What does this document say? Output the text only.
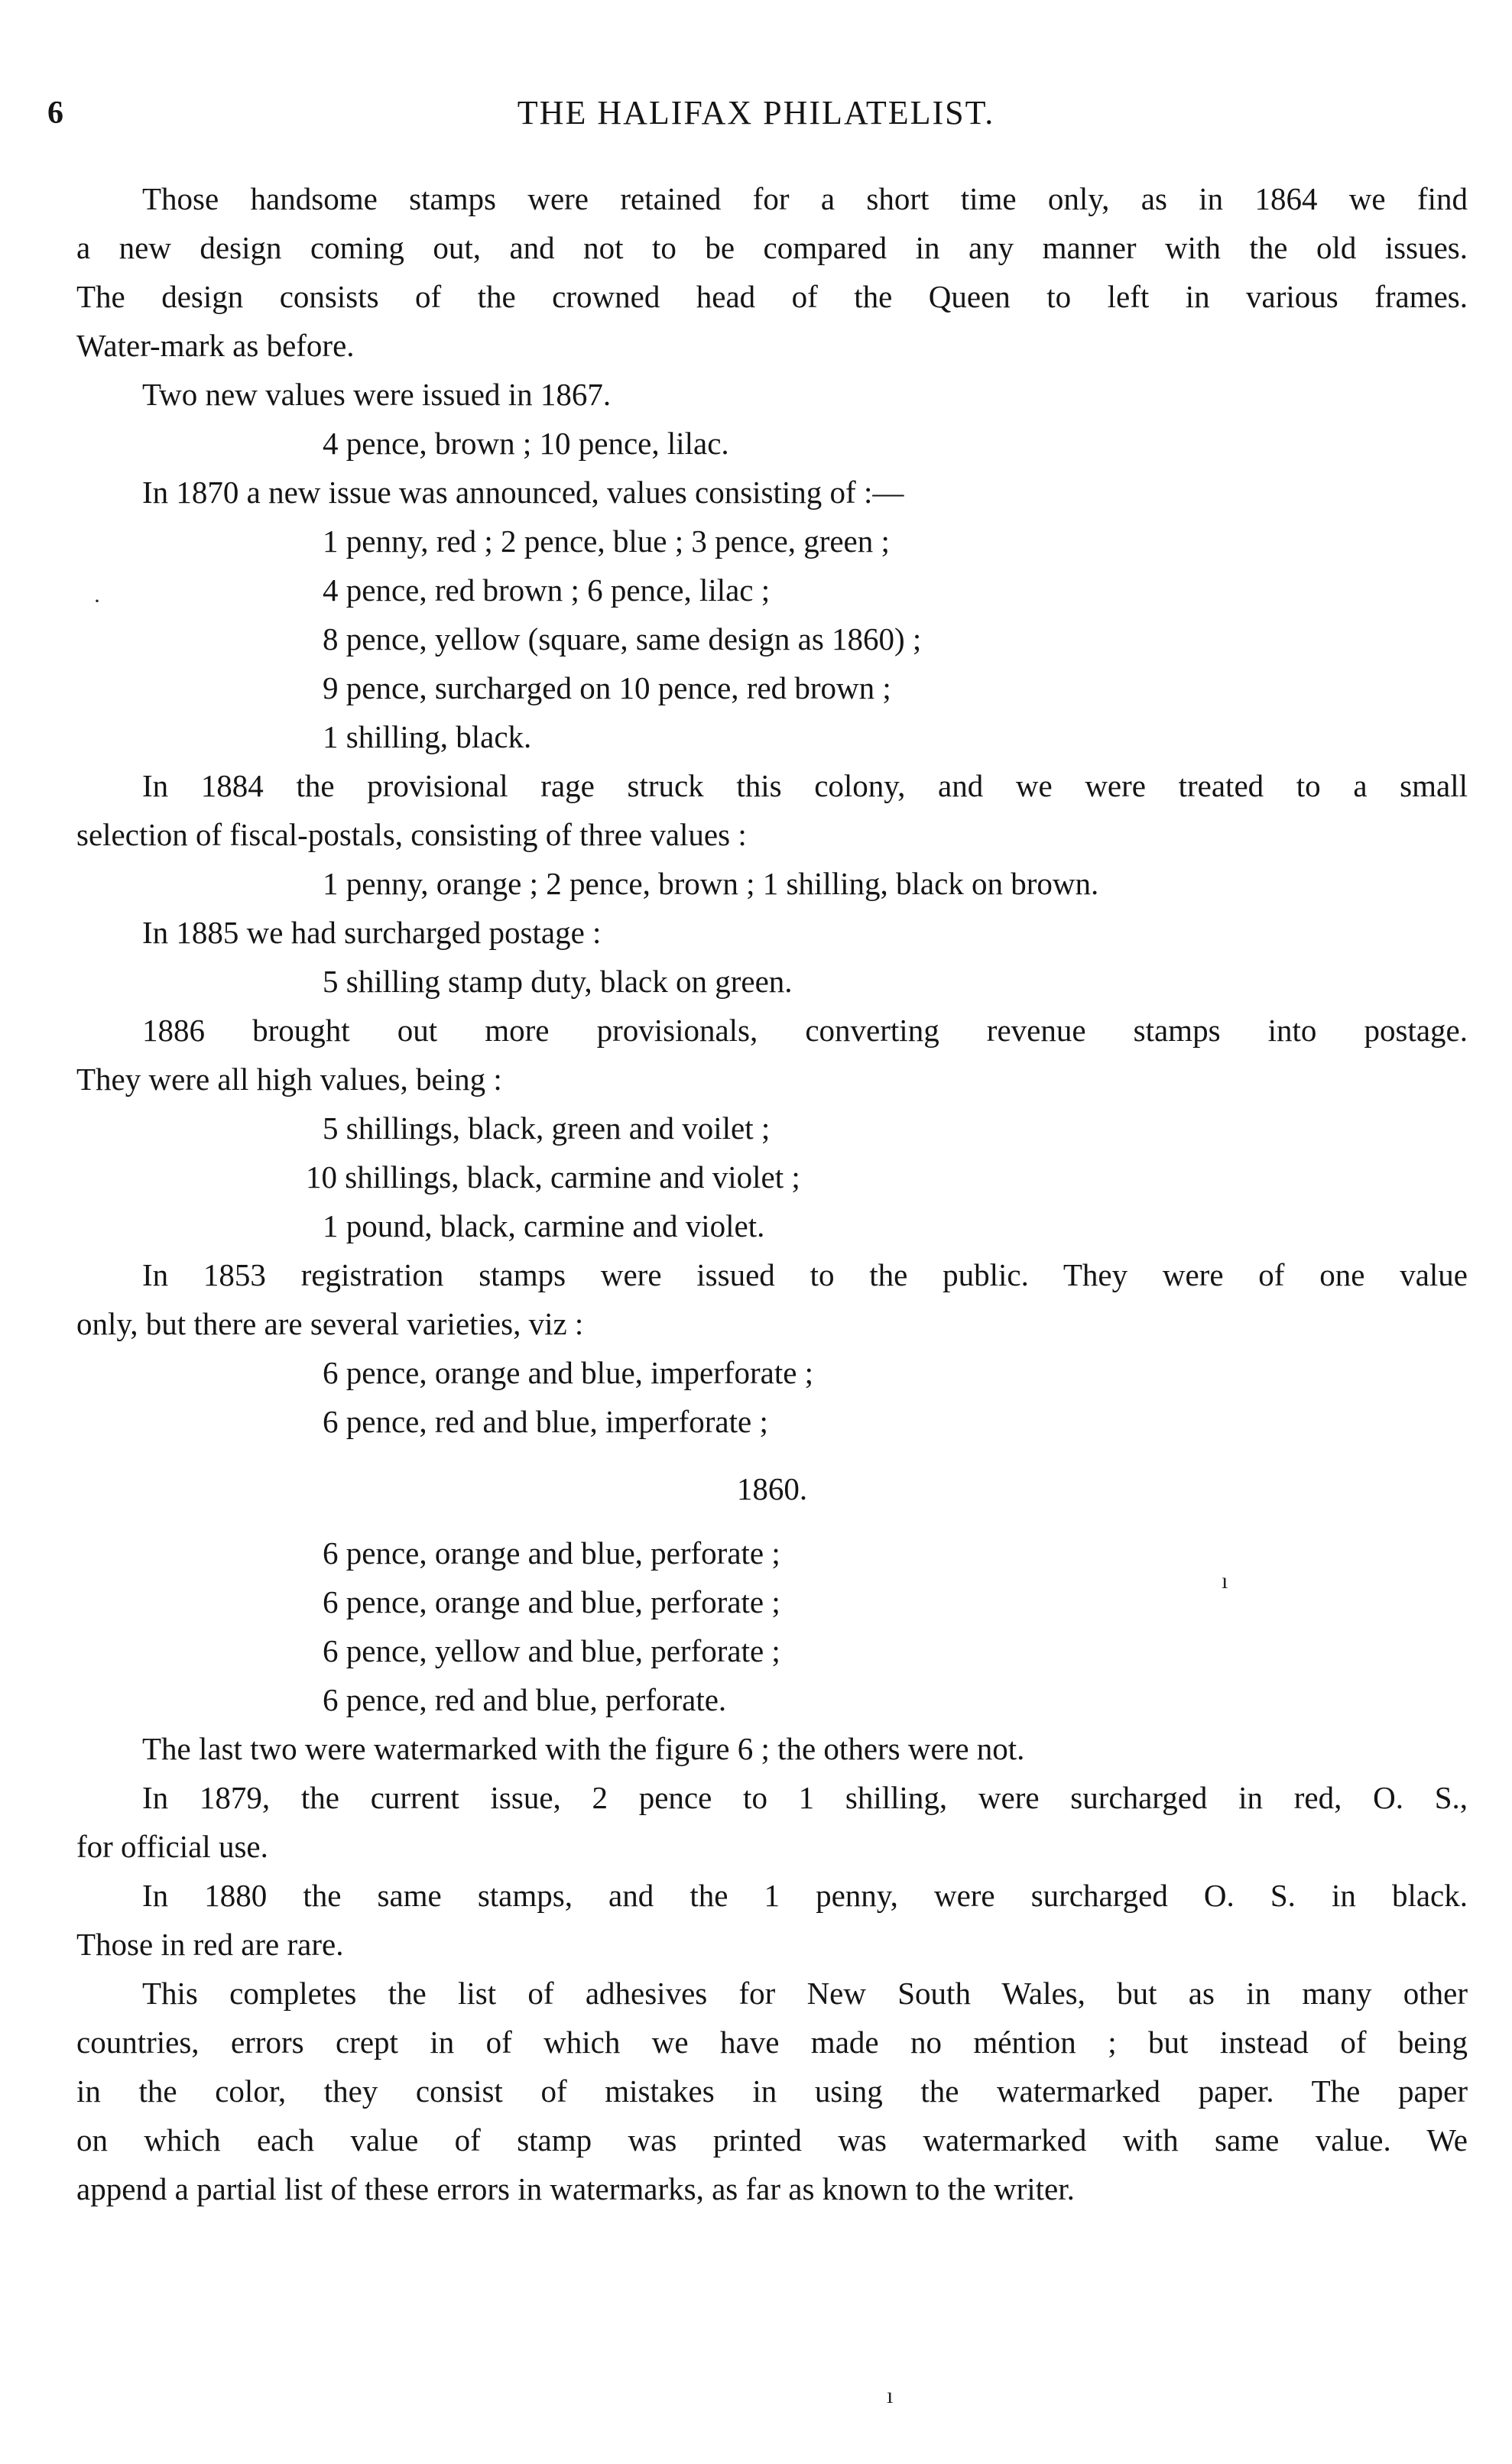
6	THE HALIFAX PHILATELIST.
Those handsome stamps were retained for a short time only, as in 1864 we find
a new design coming out, and not to be compared in any manner with the old issues.
The design consists of the crowned head of the Queen to left in various frames.
Water-mark as before.
Two new values were issued in 1867.
4 pence, brown ; 10 pence, lilac.
In 1870 a new issue was announced, values consisting of :—
1 penny, red ; 2 pence, blue ; 3 pence, green ;
4 pence, red brown ; 6 pence, lilac ;
8 pence, yellow (square, same design as 1860) ;
9 pence, surcharged on 10 pence, red brown ;
1 shilling, black.
In 1884 the provisional rage struck this colony, and we were treated to a small
selection of fiscal-postals, consisting of three values :
1 penny, orange ; 2 pence, brown ; 1 shilling, black on brown.
In 1885 we had surcharged postage :
5 shilling stamp duty, black on green.
1886 brought out more provisionals, converting revenue stamps into postage.
They were all high values, being :
5 shillings, black, green and voilet ;
10 shillings, black, carmine and violet ;
1 pound, black, carmine and violet.
In 1853 registration stamps were issued to the public. They were of one value
only, but there are several varieties, viz :
6 pence, orange and blue, imperforate ;
6 pence, red and blue, imperforate ;
1860.
6 pence, orange and blue, perforate ;
6 pence, orange and blue, perforate ;
6 pence, yellow and blue, perforate ;
6 pence, red and blue, perforate.
The last two were watermarked with the figure 6 ; the others were not.
In 1879, the current issue, 2 pence to 1 shilling, were surcharged in red, O. S.,
for official use.
In 1880 the same stamps, and the 1 penny, were surcharged O. S. in black.
Those in red are rare.
This completes the list of adhesives for New South Wales, but as in many other
countries, errors crept in of which we have made no méntion ; but instead of being
in the color, they consist of mistakes in using the watermarked paper. The paper
on which each value of stamp was printed was watermarked with same value. We
append a partial list of these errors in watermarks, as far as known to the writer.
·
ı
ı
